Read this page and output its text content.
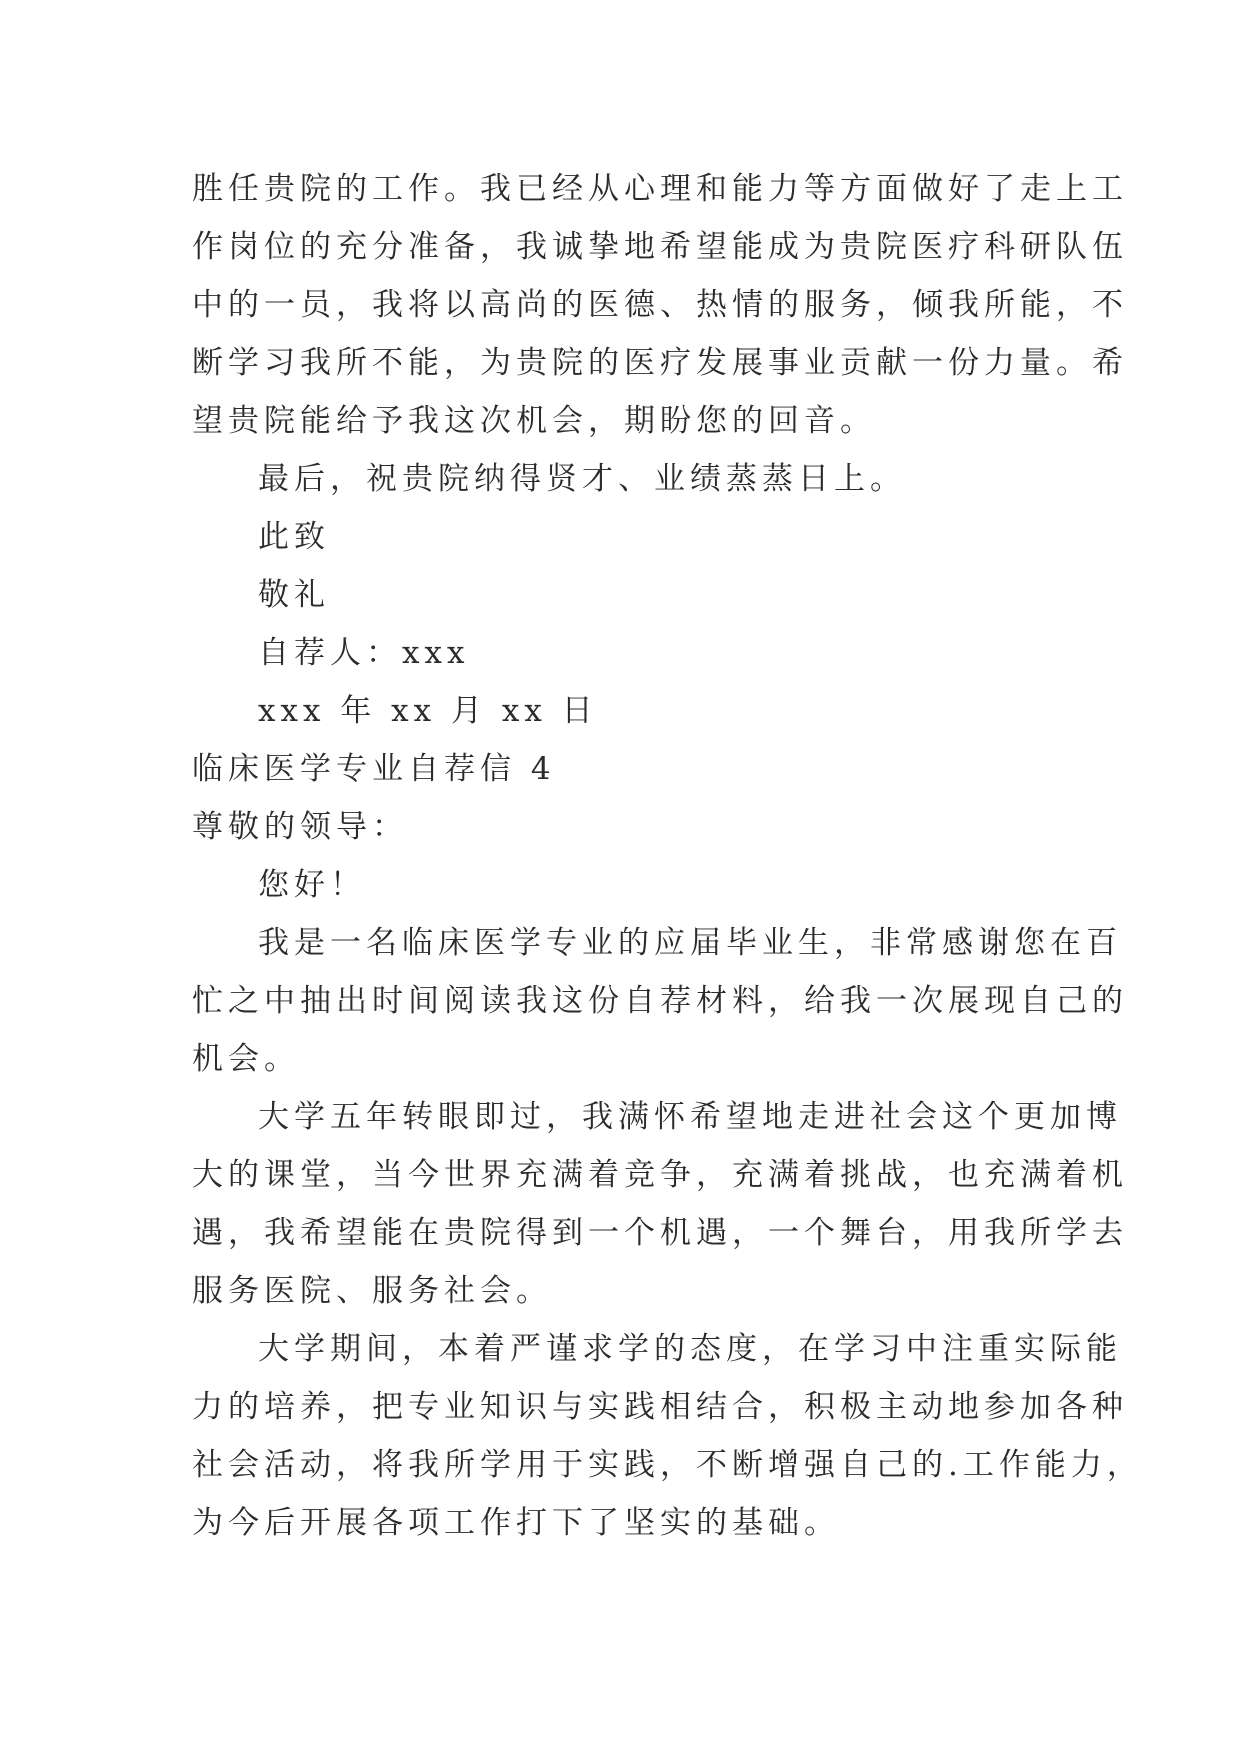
胜任贵院的工作。我已经从心理和能力等方面做好了走上工

作岗位的充分准备，我诚挚地希望能成为贵院医疗科研队伍

中的一员，我将以高尚的医德、热情的服务，倾我所能，不

断学习我所不能，为贵院的医疗发展事业贡献一份力量。希

望贵院能给予我这次机会，期盼您的回音。

最后，祝贵院纳得贤才、业绩蒸蒸日上。

此致

敬礼

自荐人：xxx

xxx 年 xx 月 xx 日

临床医学专业自荐信 4

尊敬的领导：

您好！

我是一名临床医学专业的应届毕业生，非常感谢您在百

忙之中抽出时间阅读我这份自荐材料，给我一次展现自己的

机会。

大学五年转眼即过，我满怀希望地走进社会这个更加博

大的课堂，当今世界充满着竞争，充满着挑战，也充满着机

遇，我希望能在贵院得到一个机遇，一个舞台，用我所学去

服务医院、服务社会。

大学期间，本着严谨求学的态度，在学习中注重实际能

力的培养，把专业知识与实践相结合，积极主动地参加各种

社会活动，将我所学用于实践，不断增强自己的.工作能力，

为今后开展各项工作打下了坚实的基础。
